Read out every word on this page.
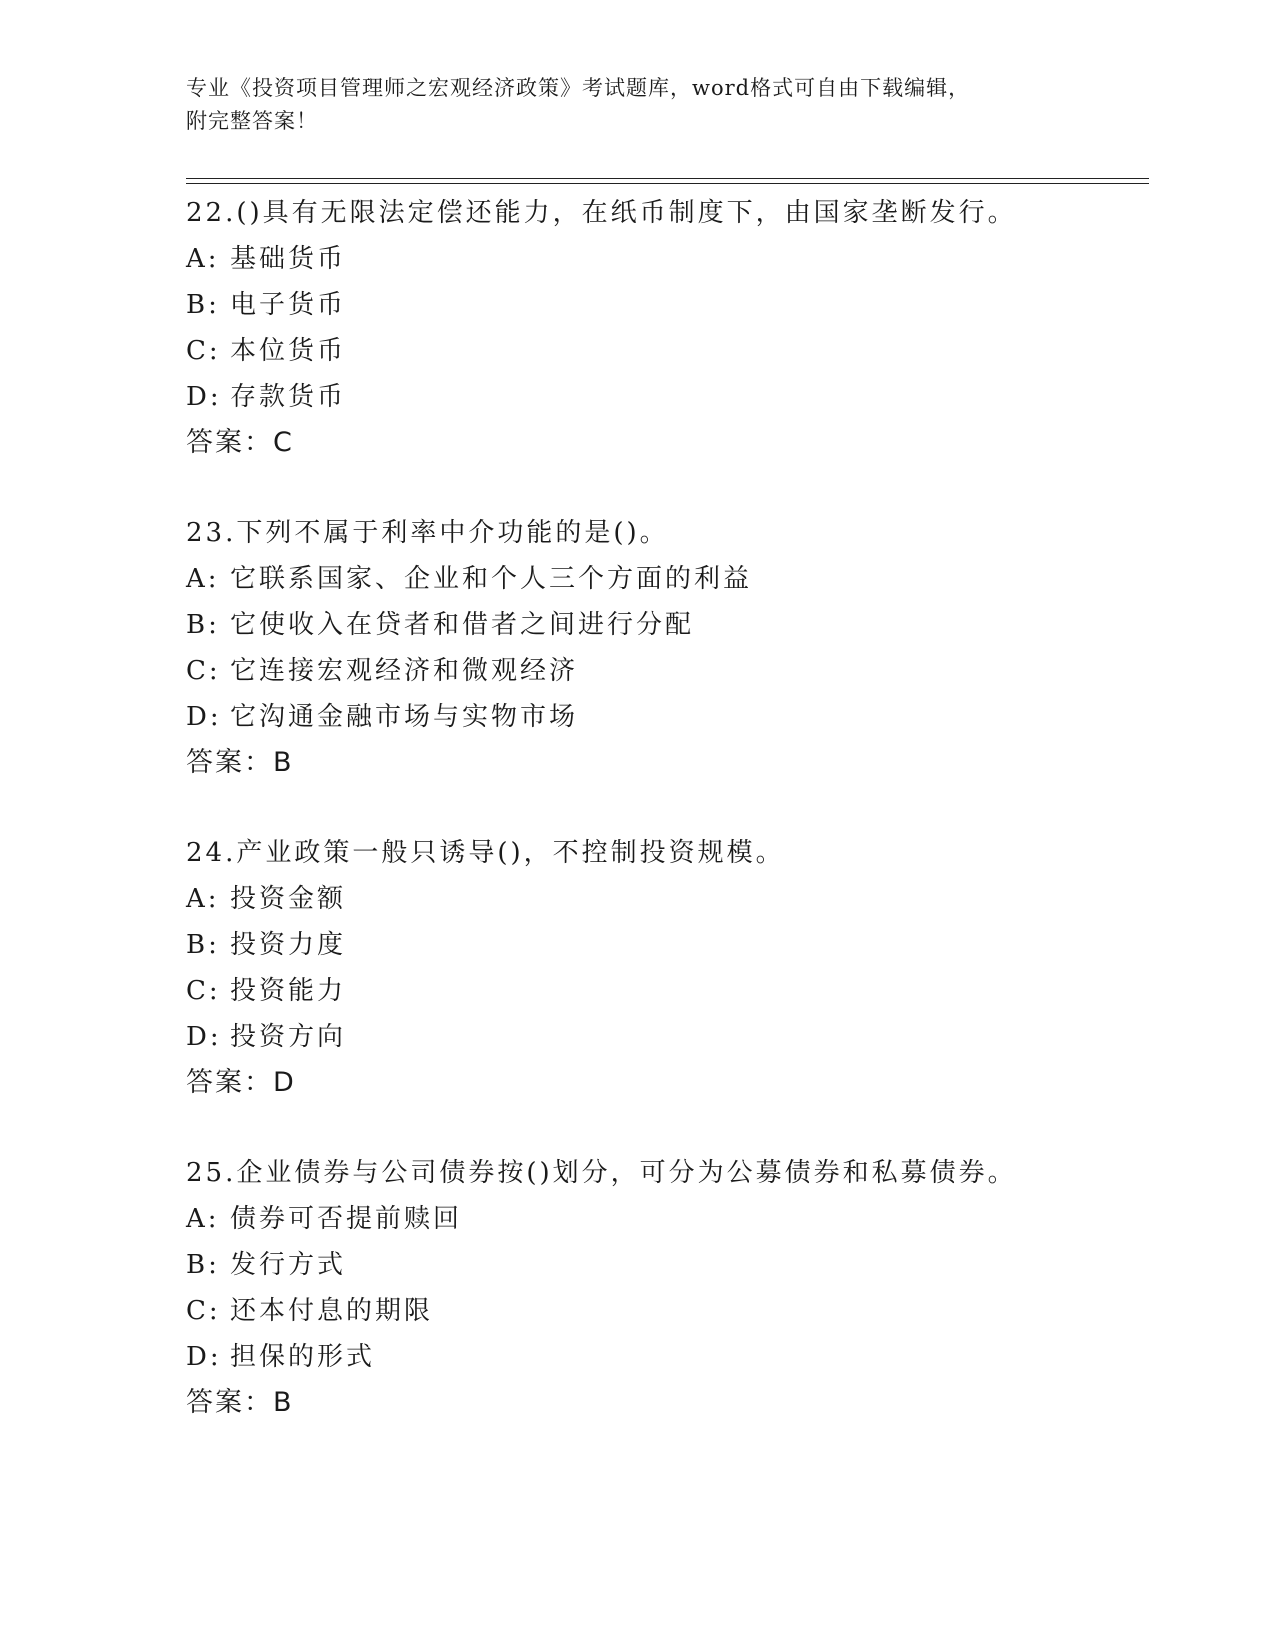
专业《投资项目管理师之宏观经济政策》考试题库，word格式可自由下载编辑，
附完整答案！
22.()具有无限法定偿还能力，在纸币制度下，由国家垄断发行。
A: 基础货币
B: 电子货币
C: 本位货币
D: 存款货币
答案：C
23.下列不属于利率中介功能的是()。
A: 它联系国家、企业和个人三个方面的利益
B: 它使收入在贷者和借者之间进行分配
C: 它连接宏观经济和微观经济
D: 它沟通金融市场与实物市场
答案：B
24.产业政策一般只诱导()，不控制投资规模。
A: 投资金额
B: 投资力度
C: 投资能力
D: 投资方向
答案：D
25.企业债券与公司债券按()划分，可分为公募债券和私募债券。
A: 债券可否提前赎回
B: 发行方式
C: 还本付息的期限
D: 担保的形式
答案：B
